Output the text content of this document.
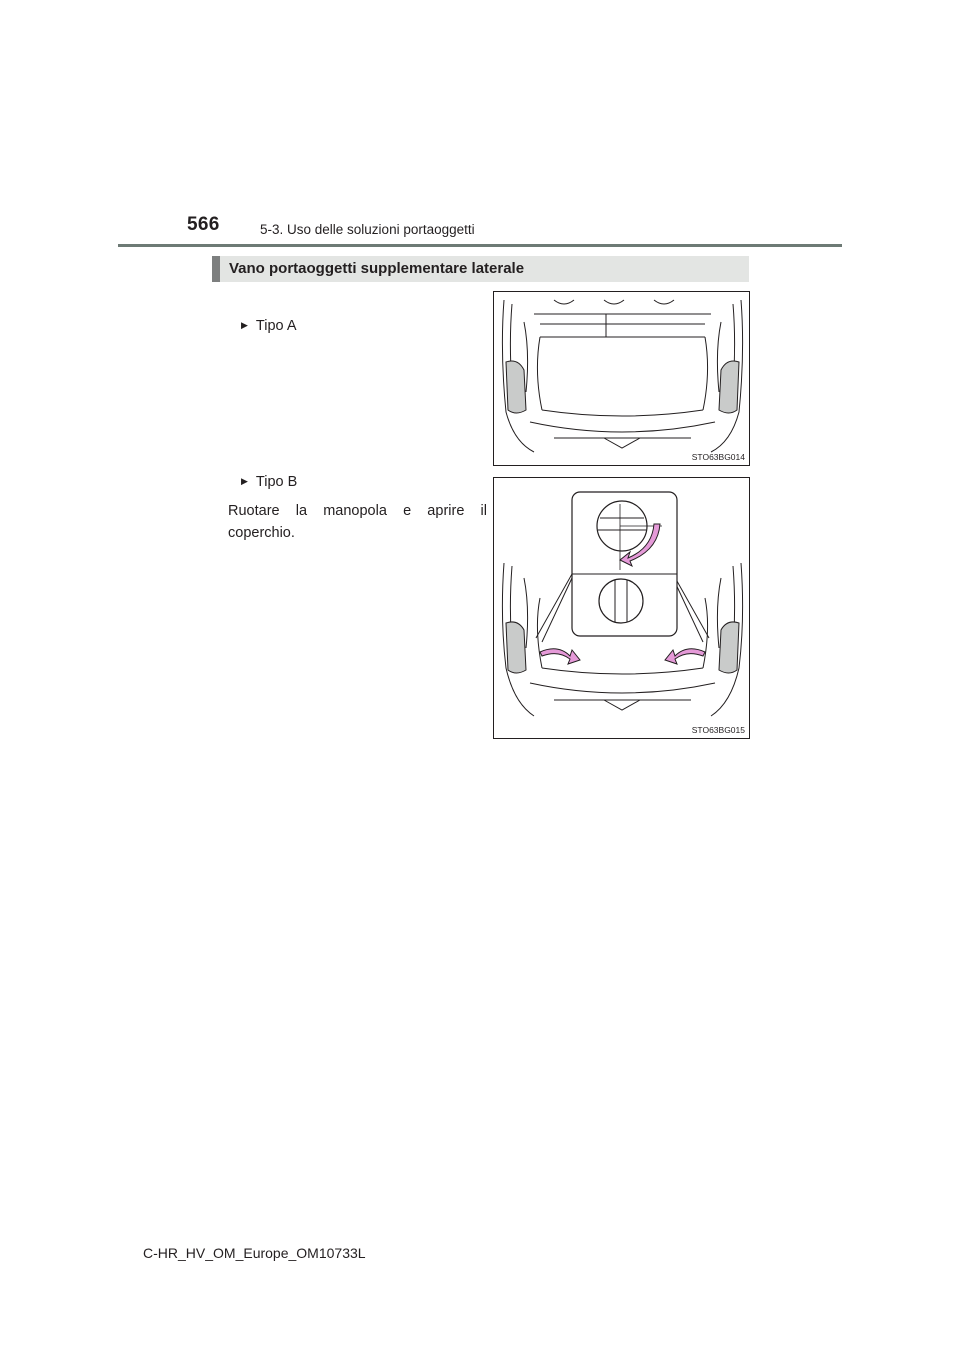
566	5-3. Uso delle soluzioni portaoggetti
Vano portaoggetti supplementare laterale
▶ Tipo A
▶ Tipo B
Ruotare la manopola e aprire il coperchio.
STO63BG014
STO63BG015
C-HR_HV_OM_Europe_OM10733L
